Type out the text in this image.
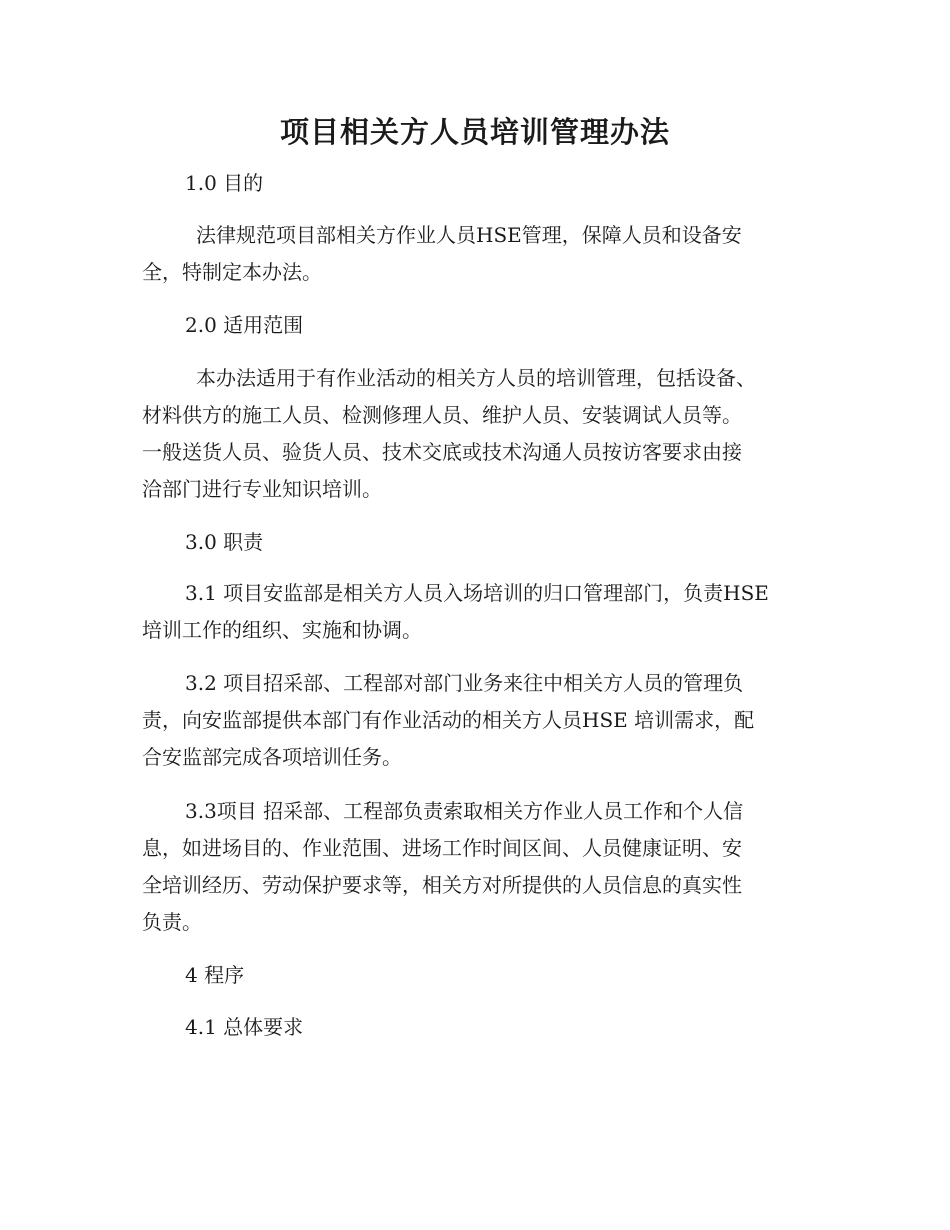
项目相关方人员培训管理办法

1.0 目的

法律规范项目部相关方作业人员HSE管理，保障人员和设备安
全，特制定本办法。

2.0 适用范围

本办法适用于有作业活动的相关方人员的培训管理，包括设备、
材料供方的施工人员、检测修理人员、维护人员、安装调试人员等。
一般送货人员、验货人员、技术交底或技术沟通人员按访客要求由接
洽部门进行专业知识培训。

3.0 职责

3.1 项目安监部是相关方人员入场培训的归口管理部门，负责HSE
培训工作的组织、实施和协调。

3.2 项目招采部、工程部对部门业务来往中相关方人员的管理负
责，向安监部提供本部门有作业活动的相关方人员HSE 培训需求，配
合安监部完成各项培训任务。

3.3项目 招采部、工程部负责索取相关方作业人员工作和个人信
息，如进场目的、作业范围、进场工作时间区间、人员健康证明、安
全培训经历、劳动保护要求等，相关方对所提供的人员信息的真实性
负责。

4 程序

4.1 总体要求
